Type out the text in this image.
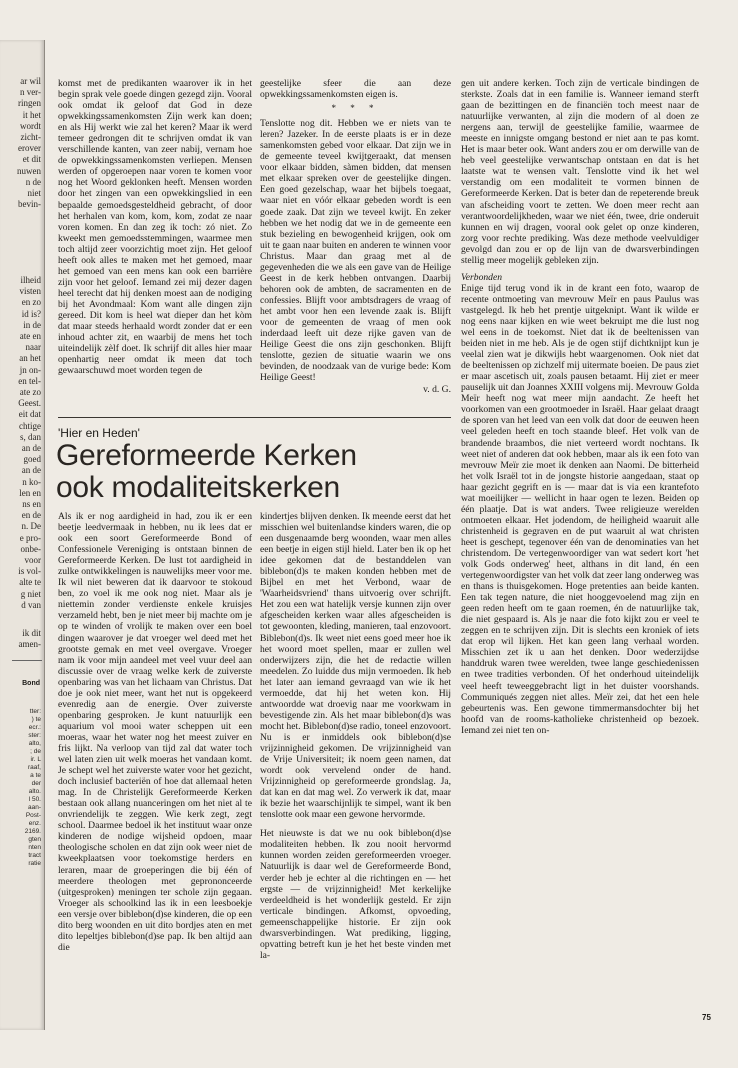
ar wil
n ver-
ringen
it het
wordt
zicht-
erover
et dit
nuwen
n de
niet
bevin-
ilheid
visten
en zo
id is?
in de
ate en
naar
an het
jn on-
en tel-
ate zo
Geest.
eit dat
chtige
s, dan
an de
goed
an de
n ko-
len en
ns en
en de
n. De
e pro-
onbe-
voor
is vol-
alte te
g niet
d van
ik dit
amen-
Bond
tter:
) te
ecr.:
ster:
alto,
; de
ir. L
raaf,
a te
der
alto.
l 50.
aan-
Post-
enz.
2169.
gten
nten
tract
ratie

komst met de predikanten waarover ik in het begin sprak vele goede dingen gezegd zijn. Vooral ook omdat ik geloof dat God in deze opwekkingssamenkomsten Zijn werk kan doen; en als Hij werkt wie zal het keren? Maar ik werd temeer gedrongen dit te schrijven omdat ik van verschillende kanten, van zeer nabij, vernam hoe de opwekkingssamenkomsten verliepen. Mensen werden of opgeroepen naar voren te komen voor nog het Woord geklonken heeft. Mensen worden door het zingen van een opwekkingslied in een bepaalde gemoedsgesteldheid gebracht, of door het herhalen van kom, kom, kom, zodat ze naar voren komen. En dan zeg ik toch: zó niet. Zo kweekt men gemoedsstemmingen, waarmee men toch altijd zeer voorzichtig moet zijn. Het geloof heeft ook alles te maken met het gemoed, maar het gemoed van een mens kan ook een barrière zijn voor het geloof. Iemand zei mij dezer dagen heel terecht dat hij denken moest aan de nodiging bij het Avondmaal: Kom want alle dingen zijn gereed. Dit kom is heel wat dieper dan het kòm dat maar steeds herhaald wordt zonder dat er een inhoud achter zit, en waarbij de mens het toch uiteindelijk zèlf doet. Ik schrijf dit alles hier maar openhartig neer omdat ik meen dat toch gewaarschuwd moet worden tegen de

geestelijke sfeer die aan deze opwekkingssamenkomsten eigen is.

* * *

Tenslotte nog dit. Hebben we er niets van te leren? Jazeker. In de eerste plaats is er in deze samenkomsten gebed voor elkaar. Dat zijn we in de gemeente teveel kwijtgeraakt, dat mensen voor elkaar bidden, sàmen bidden, dat mensen met elkaar spreken over de geestelijke dingen. Een goed gezelschap, waar het bijbels toegaat, waar niet en vóór elkaar gebeden wordt is een goede zaak. Dat zijn we teveel kwijt. En zeker hebben we het nodig dat we in de gemeente een stuk bezieling en bewogenheid krijgen, ook om uit te gaan naar buiten en anderen te winnen voor Christus. Maar dan graag met al de gegevenheden die we als een gave van de Heilige Geest in de kerk hebben ontvangen. Daarbij behoren ook de ambten, de sacramenten en de confessies. Blijft voor ambtsdragers de vraag of het ambt voor hen een levende zaak is. Blijft voor de gemeenten de vraag of men ook inderdaad leeft uit deze rijke gaven van de Heilige Geest die ons zijn geschonken. Blijft tenslotte, gezien de situatie waarin we ons bevinden, de noodzaak van de vurige bede: Kom Heilige Geest!

v. d. G.
'Hier en Heden'
Gereformeerde Kerken
ook modaliteitskerken

Als ik er nog aardigheid in had, zou ik er een beetje leedvermaak in hebben, nu ik lees dat er ook een soort Gereformeerde Bond of Confessionele Vereniging is ontstaan binnen de Gereformeerde Kerken. De lust tot aardigheid in zulke ontwikkelingen is nauwelijks meer voor me. Ik wil niet beweren dat ik daarvoor te stokoud ben, zo voel ik me ook nog niet. Maar als je niettemin zonder verdienste enkele kruisjes verzameld hebt, ben je niet meer bij machte om je op te winden of vrolijk te maken over een boel dingen waarover je dat vroeger wel deed met het grootste gemak en met veel overgave. Vroeger nam ik voor mijn aandeel met veel vuur deel aan discussie over de vraag welke kerk de zuiverste openbaring was van het lichaam van Christus. Dat doe je ook niet meer, want het nut is opgekeerd evenredig aan de energie. Over zuiverste openbaring gesproken. Je kunt natuurlijk een aquarium vol mooi water scheppen uit een moeras, waar het water nog het meest zuiver en fris lijkt. Na verloop van tijd zal dat water toch wel laten zien uit welk moeras het vandaan komt. Je schept wel het zuiverste water voor het gezicht, doch inclusief bacteriën of hoe dat allemaal heten mag. In de Christelijk Gereformeerde Kerken bestaan ook allang nuanceringen om het niet al te onvriendelijk te zeggen. Wie kerk zegt, zegt school. Daarmee bedoel ik het instituut waar onze kinderen de nodige wijsheid opdoen, maar theologische scholen en dat zijn ook weer niet de kweekplaatsen voor toekomstige herders en leraren, maar de groeperingen die bij één of meerdere theologen met geprononceerde (uitgesproken) meningen ter schole zijn gegaan. Vroeger als schoolkind las ik in een leesboekje een versje over biblebon(d)se kinderen, die op een dito berg woonden en uit dito bordjes aten en met dito lepeltjes biblebon(d)se pap. Ik ben altijd aan die

kindertjes blijven denken. Ik meende eerst dat het misschien wel buitenlandse kinders waren, die op een dusgenaamde berg woonden, waar men alles een beetje in eigen stijl hield. Later ben ik op het idee gekomen dat de bestanddelen van biblebon(d)s te maken konden hebben met de Bijbel en met het Verbond, waar de 'Waarheidsvriend' thans uitvoerig over schrijft. Het zou een wat hatelijk versje kunnen zijn over afgescheiden kerken waar alles afgescheiden is tot gewoonten, kleding, manieren, taal enzovoort. Biblebon(d)s. Ik weet niet eens goed meer hoe ik het woord moet spellen, maar er zullen wel onderwijzers zijn, die het de redactie willen meedelen. Zo luidde dus mijn vermoeden. Ik heb het later aan iemand gevraagd van wie ik het vermoedde, dat hij het weten kon. Hij antwoordde wat droevig naar me voorkwam in bevestigende zin. Als het maar biblebon(d)s was mocht het. Biblebon(d)se radio, toneel enzovoort. Nu is er inmiddels ook biblebon(d)se vrijzinnigheid gekomen. De vrijzinnigheid van de Vrije Universiteit; ik noem geen namen, dat wordt ook vervelend onder de hand. Vrijzinnigheid op gereformeerde grondslag. Ja, dat kan en dat mag wel. Zo verwerk ik dat, maar ik bezie het waarschijnlijk te simpel, want ik ben tenslotte ook maar een gewone hervormde.

Het nieuwste is dat we nu ook biblebon(d)se modaliteiten hebben. Ik zou nooit hervormd kunnen worden zeiden gereformeerden vroeger. Natuurlijk is daar wel de Gereformeerde Bond, verder heb je echter al die richtingen en — het ergste — de vrijzinnigheid! Met kerkelijke verdeeldheid is het wonderlijk gesteld. Er zijn verticale bindingen. Afkomst, opvoeding, gemeenschappelijke historie. Er zijn ook dwarsverbindingen. Wat prediking, ligging, opvatting betreft kun je het het beste vinden met la-

gen uit andere kerken. Toch zijn de verticale bindingen de sterkste. Zoals dat in een familie is. Wanneer iemand sterft gaan de bezittingen en de financiën toch meest naar de natuurlijke verwanten, al zijn die modern of al doen ze nergens aan, terwijl de geestelijke familie, waarmee de meeste en innigste omgang bestond er niet aan te pas komt. Het is maar beter ook. Want anders zou er om derwille van de heb veel geestelijke verwantschap ontstaan en dat is het laatste wat te wensen valt. Tenslotte vind ik het wel verstandig om een modaliteit te vormen binnen de Gereformeerde Kerken. Dat is beter dan de repeterende breuk van afscheiding voort te zetten. We doen meer recht aan verantwoordelijkheden, waar we niet één, twee, drie onderuit kunnen en wij dragen, vooral ook gelet op onze kinderen, zorg voor rechte prediking. Was deze methode veelvuldiger gevolgd dan zou er op de lijn van de dwarsverbindingen stellig meer mogelijk gebleken zijn.

Verbonden

Enige tijd terug vond ik in de krant een foto, waarop de recente ontmoeting van mevrouw Meïr en paus Paulus was vastgelegd. Ik heb het prentje uitgeknipt. Want ik wilde er nog eens naar kijken en wie weet bekruipt me die lust nog wel eens in de toekomst. Niet dat ik de beeltenissen van beiden niet in me heb. Als je de ogen stijf dichtknijpt kun je veelal zien wat je dikwijls hebt waargenomen. Ook niet dat de beeltenissen op zichzelf mij uitermate boeien. De paus ziet er maar ascetisch uit, zoals pausen betaamt. Hij ziet er meer pauselijk uit dan Joannes XXIII volgens mij. Mevrouw Golda Meïr heeft nog wat meer mijn aandacht. Ze heeft het voorkomen van een grootmoeder in Israël. Haar gelaat draagt de sporen van het leed van een volk dat door de eeuwen heen veel geleden heeft en toch staande bleef. Het volk van de brandende braambos, die niet verteerd wordt nochtans. Ik weet niet of anderen dat ook hebben, maar als ik een foto van mevrouw Meïr zie moet ik denken aan Naomi. De bitterheid het volk Israël tot in de jongste historie aangedaan, staat op haar gezicht gegrift en is — maar dat is via een krantefoto wat moeilijker — wellicht in haar ogen te lezen. Beiden op één plaatje. Dat is wat anders. Twee religieuze werelden ontmoeten elkaar. Het jodendom, de heiligheid waaruit alle christenheid is gegraven en de put waaruit al wat christen heet is geschept, tegenover één van de denominaties van het christendom. De vertegenwoordiger van wat sedert kort 'het volk Gods onderweg' heet, althans in dit land, én een vertegenwoordigster van het volk dat zeer lang onderweg was en thans is thuisgekomen. Hoge pretenties aan beide kanten. Een tak tegen nature, die niet hooggevoelend mag zijn en geen reden heeft om te gaan roemen, én de natuurlijke tak, die niet gespaard is. Als je naar die foto kijkt zou er veel te zeggen en te schrijven zijn. Dit is slechts een kroniek of iets dat erop wil lijken. Het kan geen lang verhaal worden. Misschien zet ik u aan het denken. Door wederzijdse handdruk waren twee werelden, twee lange geschiedenissen en twee tradities verbonden. Of het onderhoud uiteindelijk veel heeft teweeggebracht ligt in het duister voorshands. Communiqués zeggen niet alles. Meïr zei, dat het een hele gebeurtenis was. Een gewone timmermansdochter bij het hoofd van de rooms-katholieke christenheid op bezoek. Iemand zei niet ten on-

75
